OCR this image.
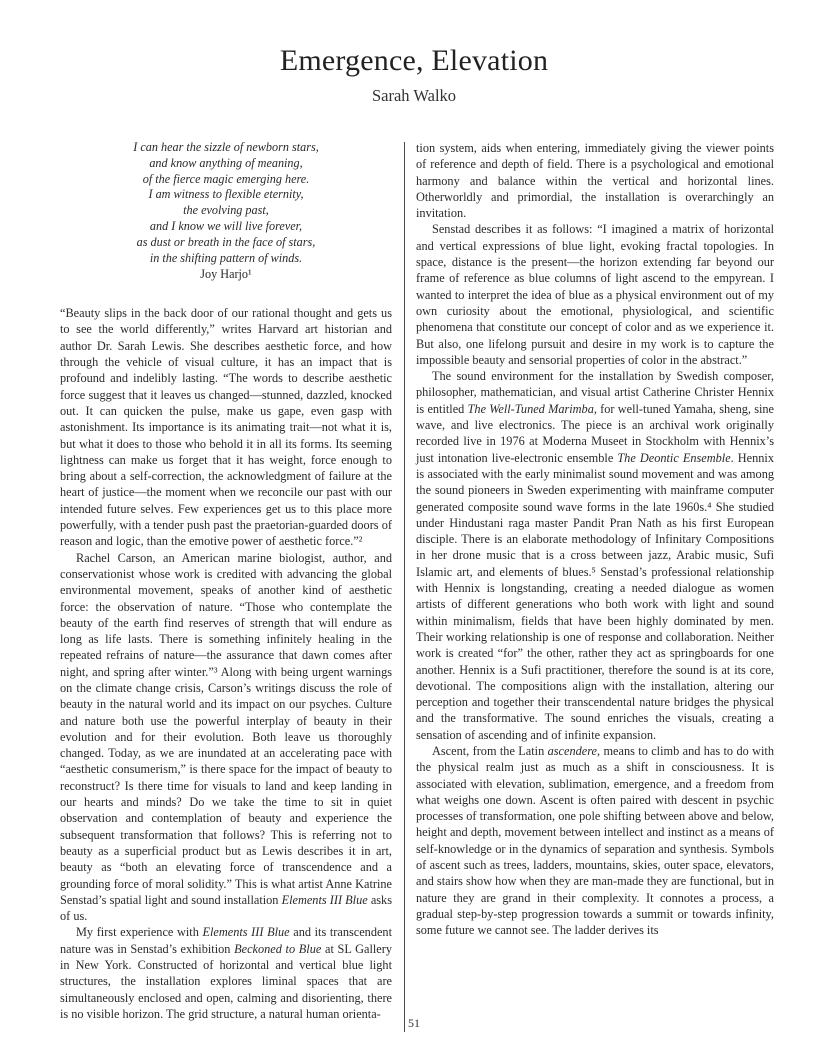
Emergence, Elevation
Sarah Walko
I can hear the sizzle of newborn stars,
and know anything of meaning,
of the fierce magic emerging here.
I am witness to flexible eternity,
the evolving past,
and I know we will live forever,
as dust or breath in the face of stars,
in the shifting pattern of winds.
Joy Harjo¹

“Beauty slips in the back door of our rational thought and gets us to see the world differently,” writes Harvard art historian and author Dr. Sarah Lewis. She describes aesthetic force, and how through the vehicle of visual culture, it has an impact that is profound and indelibly lasting. “The words to describe aesthetic force suggest that it leaves us changed—stunned, dazzled, knocked out. It can quicken the pulse, make us gape, even gasp with astonishment. Its importance is its animating trait—not what it is, but what it does to those who behold it in all its forms. Its seeming lightness can make us forget that it has weight, force enough to bring about a self-correction, the acknowledgment of failure at the heart of justice—the moment when we reconcile our past with our intended future selves. Few experiences get us to this place more powerfully, with a tender push past the praetorian-guarded doors of reason and logic, than the emotive power of aesthetic force.”²

Rachel Carson, an American marine biologist, author, and conservationist whose work is credited with advancing the global environmental movement, speaks of another kind of aesthetic force: the observation of nature. “Those who contemplate the beauty of the earth find reserves of strength that will endure as long as life lasts. There is something infinitely healing in the repeated refrains of nature—the assurance that dawn comes after night, and spring after winter.”³ Along with being urgent warnings on the climate change crisis, Carson’s writings discuss the role of beauty in the natural world and its impact on our psyches. Culture and nature both use the powerful interplay of beauty in their evolution and for their evolution. Both leave us thoroughly changed. Today, as we are inundated at an accelerating pace with “aesthetic consumerism,” is there space for the impact of beauty to reconstruct? Is there time for visuals to land and keep landing in our hearts and minds? Do we take the time to sit in quiet observation and contemplation of beauty and experience the subsequent transformation that follows? This is referring not to beauty as a superficial product but as Lewis describes it in art, beauty as “both an elevating force of transcendence and a grounding force of moral solidity.” This is what artist Anne Katrine Senstad’s spatial light and sound installation Elements III Blue asks of us.

My first experience with Elements III Blue and its transcendent nature was in Senstad’s exhibition Beckoned to Blue at SL Gallery in New York. Constructed of horizontal and vertical blue light structures, the installation explores liminal spaces that are simultaneously enclosed and open, calming and disorienting, there is no visible horizon. The grid structure, a natural human orienta-

tion system, aids when entering, immediately giving the viewer points of reference and depth of field. There is a psychological and emotional harmony and balance within the vertical and horizontal lines. Otherworldly and primordial, the installation is overarchingly an invitation.

Senstad describes it as follows: “I imagined a matrix of horizontal and vertical expressions of blue light, evoking fractal topologies. In space, distance is the present—the horizon extending far beyond our frame of reference as blue columns of light ascend to the empyrean. I wanted to interpret the idea of blue as a physical environment out of my own curiosity about the emotional, physiological, and scientific phenomena that constitute our concept of color and as we experience it. But also, one lifelong pursuit and desire in my work is to capture the impossible beauty and sensorial properties of color in the abstract.”

The sound environment for the installation by Swedish composer, philosopher, mathematician, and visual artist Catherine Christer Hennix is entitled The Well-Tuned Marimba, for well-tuned Yamaha, sheng, sine wave, and live electronics. The piece is an archival work originally recorded live in 1976 at Moderna Museet in Stockholm with Hennix’s just intonation live-electronic ensemble The Deontic Ensemble. Hennix is associated with the early minimalist sound movement and was among the sound pioneers in Sweden experimenting with mainframe computer generated composite sound wave forms in the late 1960s.⁴ She studied under Hindustani raga master Pandit Pran Nath as his first European disciple. There is an elaborate methodology of Infinitary Compositions in her drone music that is a cross between jazz, Arabic music, Sufi Islamic art, and elements of blues.⁵ Senstad’s professional relationship with Hennix is longstanding, creating a needed dialogue as women artists of different generations who both work with light and sound within minimalism, fields that have been highly dominated by men. Their working relationship is one of response and collaboration. Neither work is created “for” the other, rather they act as springboards for one another. Hennix is a Sufi practitioner, therefore the sound is at its core, devotional. The compositions align with the installation, altering our perception and together their transcendental nature bridges the physical and the transformative. The sound enriches the visuals, creating a sensation of ascending and of infinite expansion.

Ascent, from the Latin ascendere, means to climb and has to do with the physical realm just as much as a shift in consciousness. It is associated with elevation, sublimation, emergence, and a freedom from what weighs one down. Ascent is often paired with descent in psychic processes of transformation, one pole shifting between above and below, height and depth, movement between intellect and instinct as a means of self-knowledge or in the dynamics of separation and synthesis. Symbols of ascent such as trees, ladders, mountains, skies, outer space, elevators, and stairs show how when they are man-made they are functional, but in nature they are grand in their complexity. It connotes a process, a gradual step-by-step progression towards a summit or towards infinity, some future we cannot see. The ladder derives its

51
